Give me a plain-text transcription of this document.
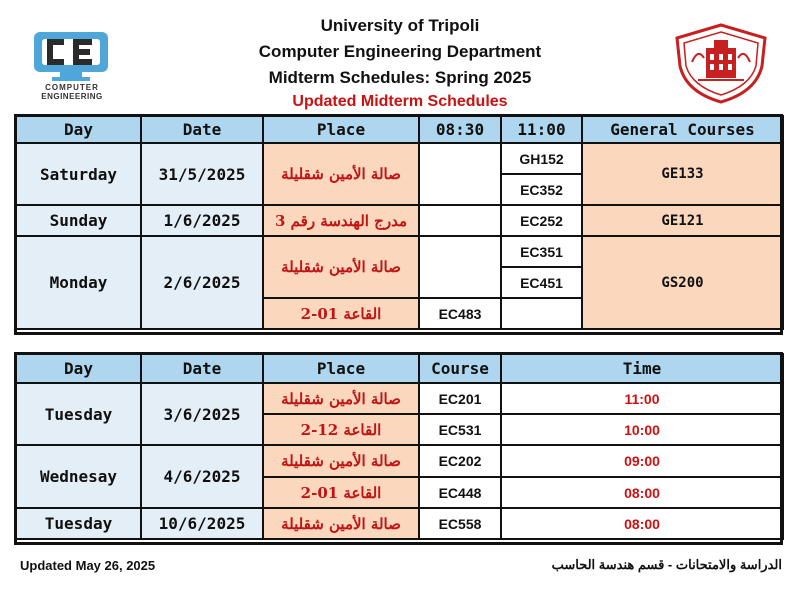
COMPUTER
ENGINEERING
University of Tripoli
Computer Engineering Department
Midterm Schedules: Spring 2025
Updated Midterm Schedules
Day	Date	Place	08:30	11:00	General Courses
Saturday	31/5/2025	صالة الأمين شقليلة		GH152	GE133
				EC352	
Sunday	1/6/2025	مدرج الهندسة رقم 3		EC252	GE121
Monday	2/6/2025	صالة الأمين شقليلة		EC351	GS200
				EC451	
		القاعة 01-2	EC483		
Day	Date	Place	Course	Time
Tuesday	3/6/2025	صالة الأمين شقليلة	EC201	11:00
		القاعة 12-2	EC531	10:00
Wednesay	4/6/2025	صالة الأمين شقليلة	EC202	09:00
		القاعة 01-2	EC448	08:00
Tuesday	10/6/2025	صالة الأمين شقليلة	EC558	08:00
Updated May 26, 2025	الدراسة والامتحانات - قسم هندسة الحاسب
